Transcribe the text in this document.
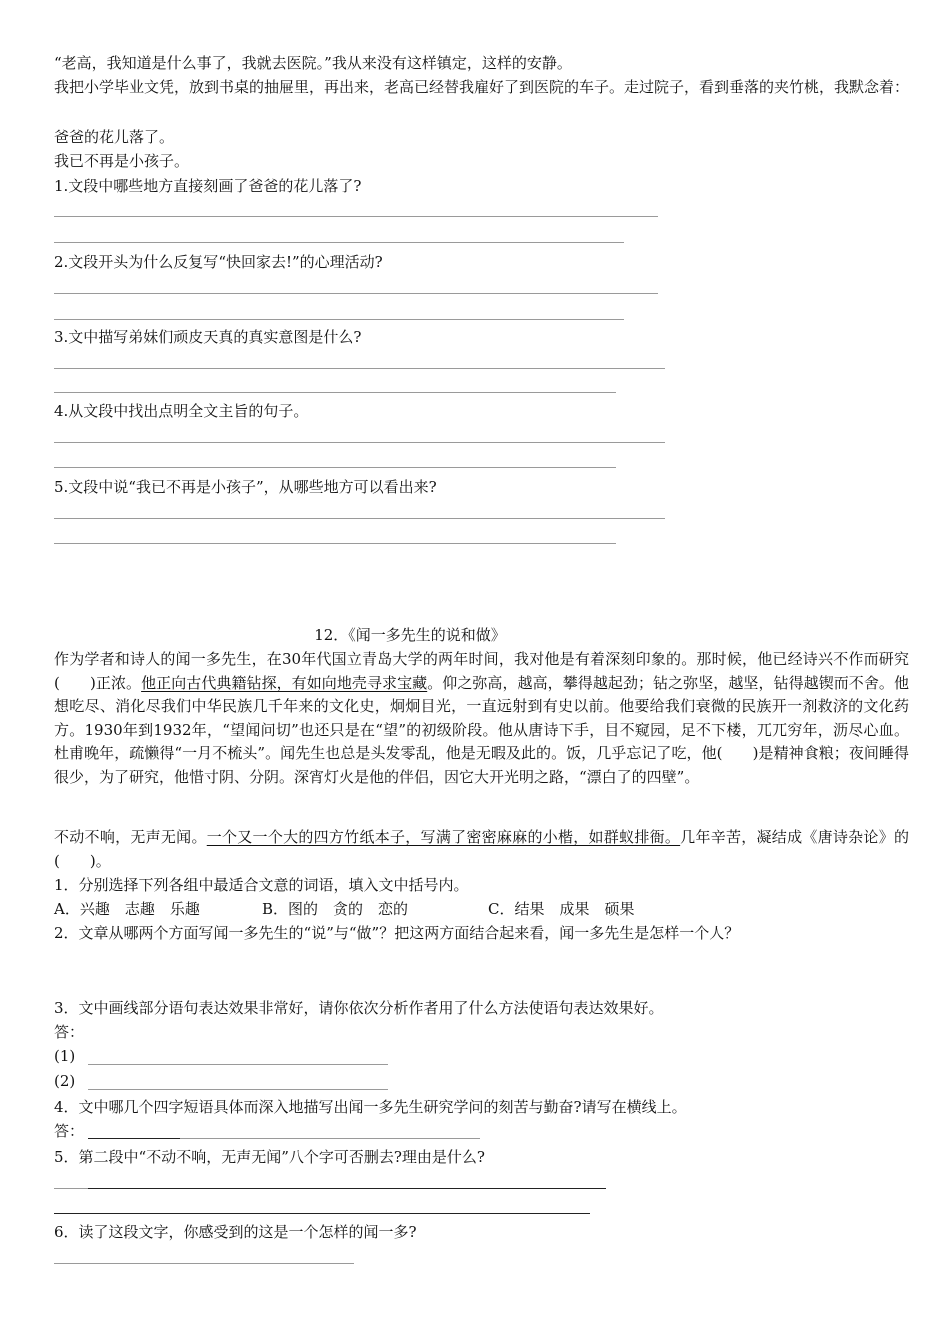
“老高，我知道是什么事了，我就去医院。”我从来没有这样镇定，这样的安静。
我把小学毕业文凭，放到书桌的抽屉里，再出来，老高已经替我雇好了到医院的车子。走过院子，看到垂落的夹竹桃，我默念着：
爸爸的花儿落了。
我已不再是小孩子。
1.文段中哪些地方直接刻画了爸爸的花儿落了?
2.文段开头为什么反复写“快回家去!”的心理活动?
3.文中描写弟妹们顽皮天真的真实意图是什么?
4.从文段中找出点明全文主旨的句子。
5.文段中说“我已不再是小孩子”，从哪些地方可以看出来?
12．《闻一多先生的说和做》
作为学者和诗人的闻一多先生，在30年代国立青岛大学的两年时间，我对他是有着深刻印象的。那时候，他已经诗兴不作而研究(　　)正浓。他正向古代典籍钻探，有如向地壳寻求宝藏。仰之弥高，越高，攀得越起劲；钻之弥坚，越坚，钻得越锲而不舍。他想吃尽、消化尽我们中华民族几千年来的文化史，炯炯目光，一直远射到有史以前。他要给我们衰微的民族开一剂救济的文化药方。1930年到1932年，“望闻问切”也还只是在“望”的初级阶段。他从唐诗下手，目不窥园，足不下楼，兀兀穷年，沥尽心血。杜甫晚年，疏懒得“一月不梳头”。闻先生也总是头发零乱，他是无暇及此的。饭，几乎忘记了吃，他(　　)是精神食粮；夜间睡得很少，为了研究，他惜寸阴、分阴。深宵灯火是他的伴侣，因它大开光明之路，“漂白了的四壁”。
不动不响，无声无闻。一个又一个大的四方竹纸本子，写满了密密麻麻的小楷，如群蚁排衙。几年辛苦，凝结成《唐诗杂论》的(　　)。
1．分别选择下列各组中最适合文意的词语，填入文中括号内。
A．兴趣　志趣　乐趣	B．图的　贪的　恋的	C．结果　成果　硕果
2．文章从哪两个方面写闻一多先生的“说”与“做”？把这两方面结合起来看，闻一多先生是怎样一个人？
3．文中画线部分语句表达效果非常好，请你依次分析作者用了什么方法使语句表达效果好。
答：
(1)
(2)
4．文中哪几个四字短语具体而深入地描写出闻一多先生研究学问的刻苦与勤奋?请写在横线上。
答：
5．第二段中“不动不响，无声无闻”八个字可否删去?理由是什么?
6．读了这段文字，你感受到的这是一个怎样的闻一多?
